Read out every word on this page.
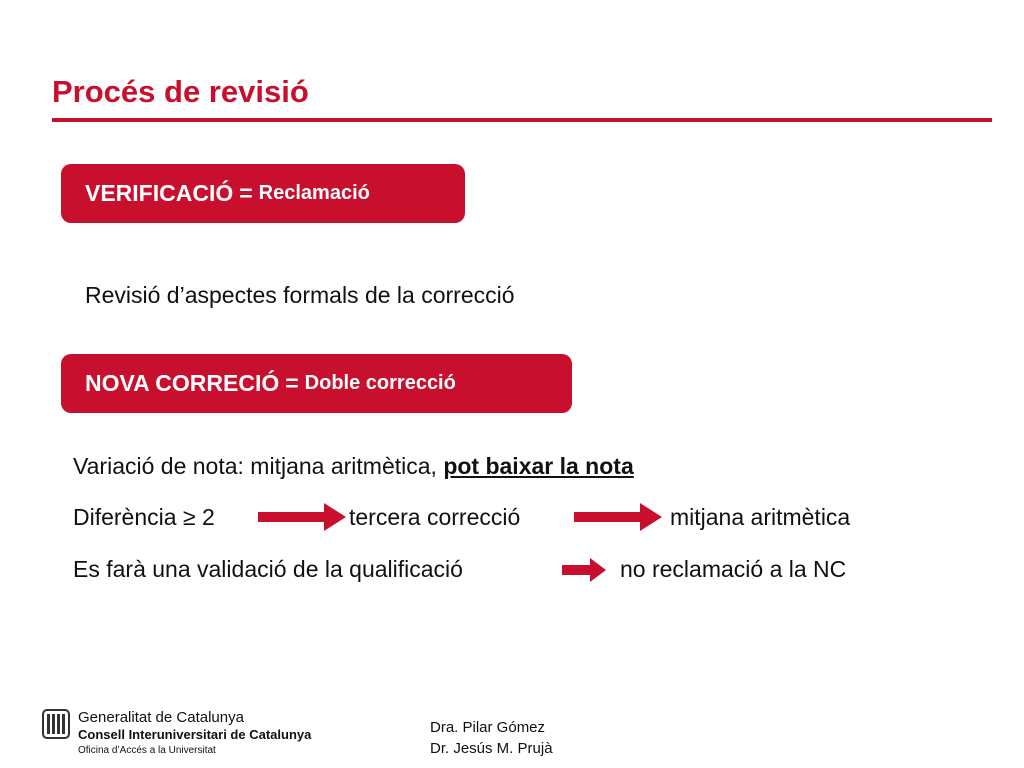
Procés de revisió
VERIFICACIÓ = Reclamació
Revisió d’aspectes formals de la correcció
NOVA CORRECIÓ = Doble correcció
Variació de nota: mitjana aritmètica, pot baixar la nota
Diferència ≥ 2	tercera correcció	mitjana aritmètica
Es farà una validació de la qualificació	no reclamació a la NC
Generalitat de Catalunya
Consell Interuniversitari de Catalunya
Oficina d’Accés a la Universitat
Dra. Pilar Gómez
Dr. Jesús M. Prujà
